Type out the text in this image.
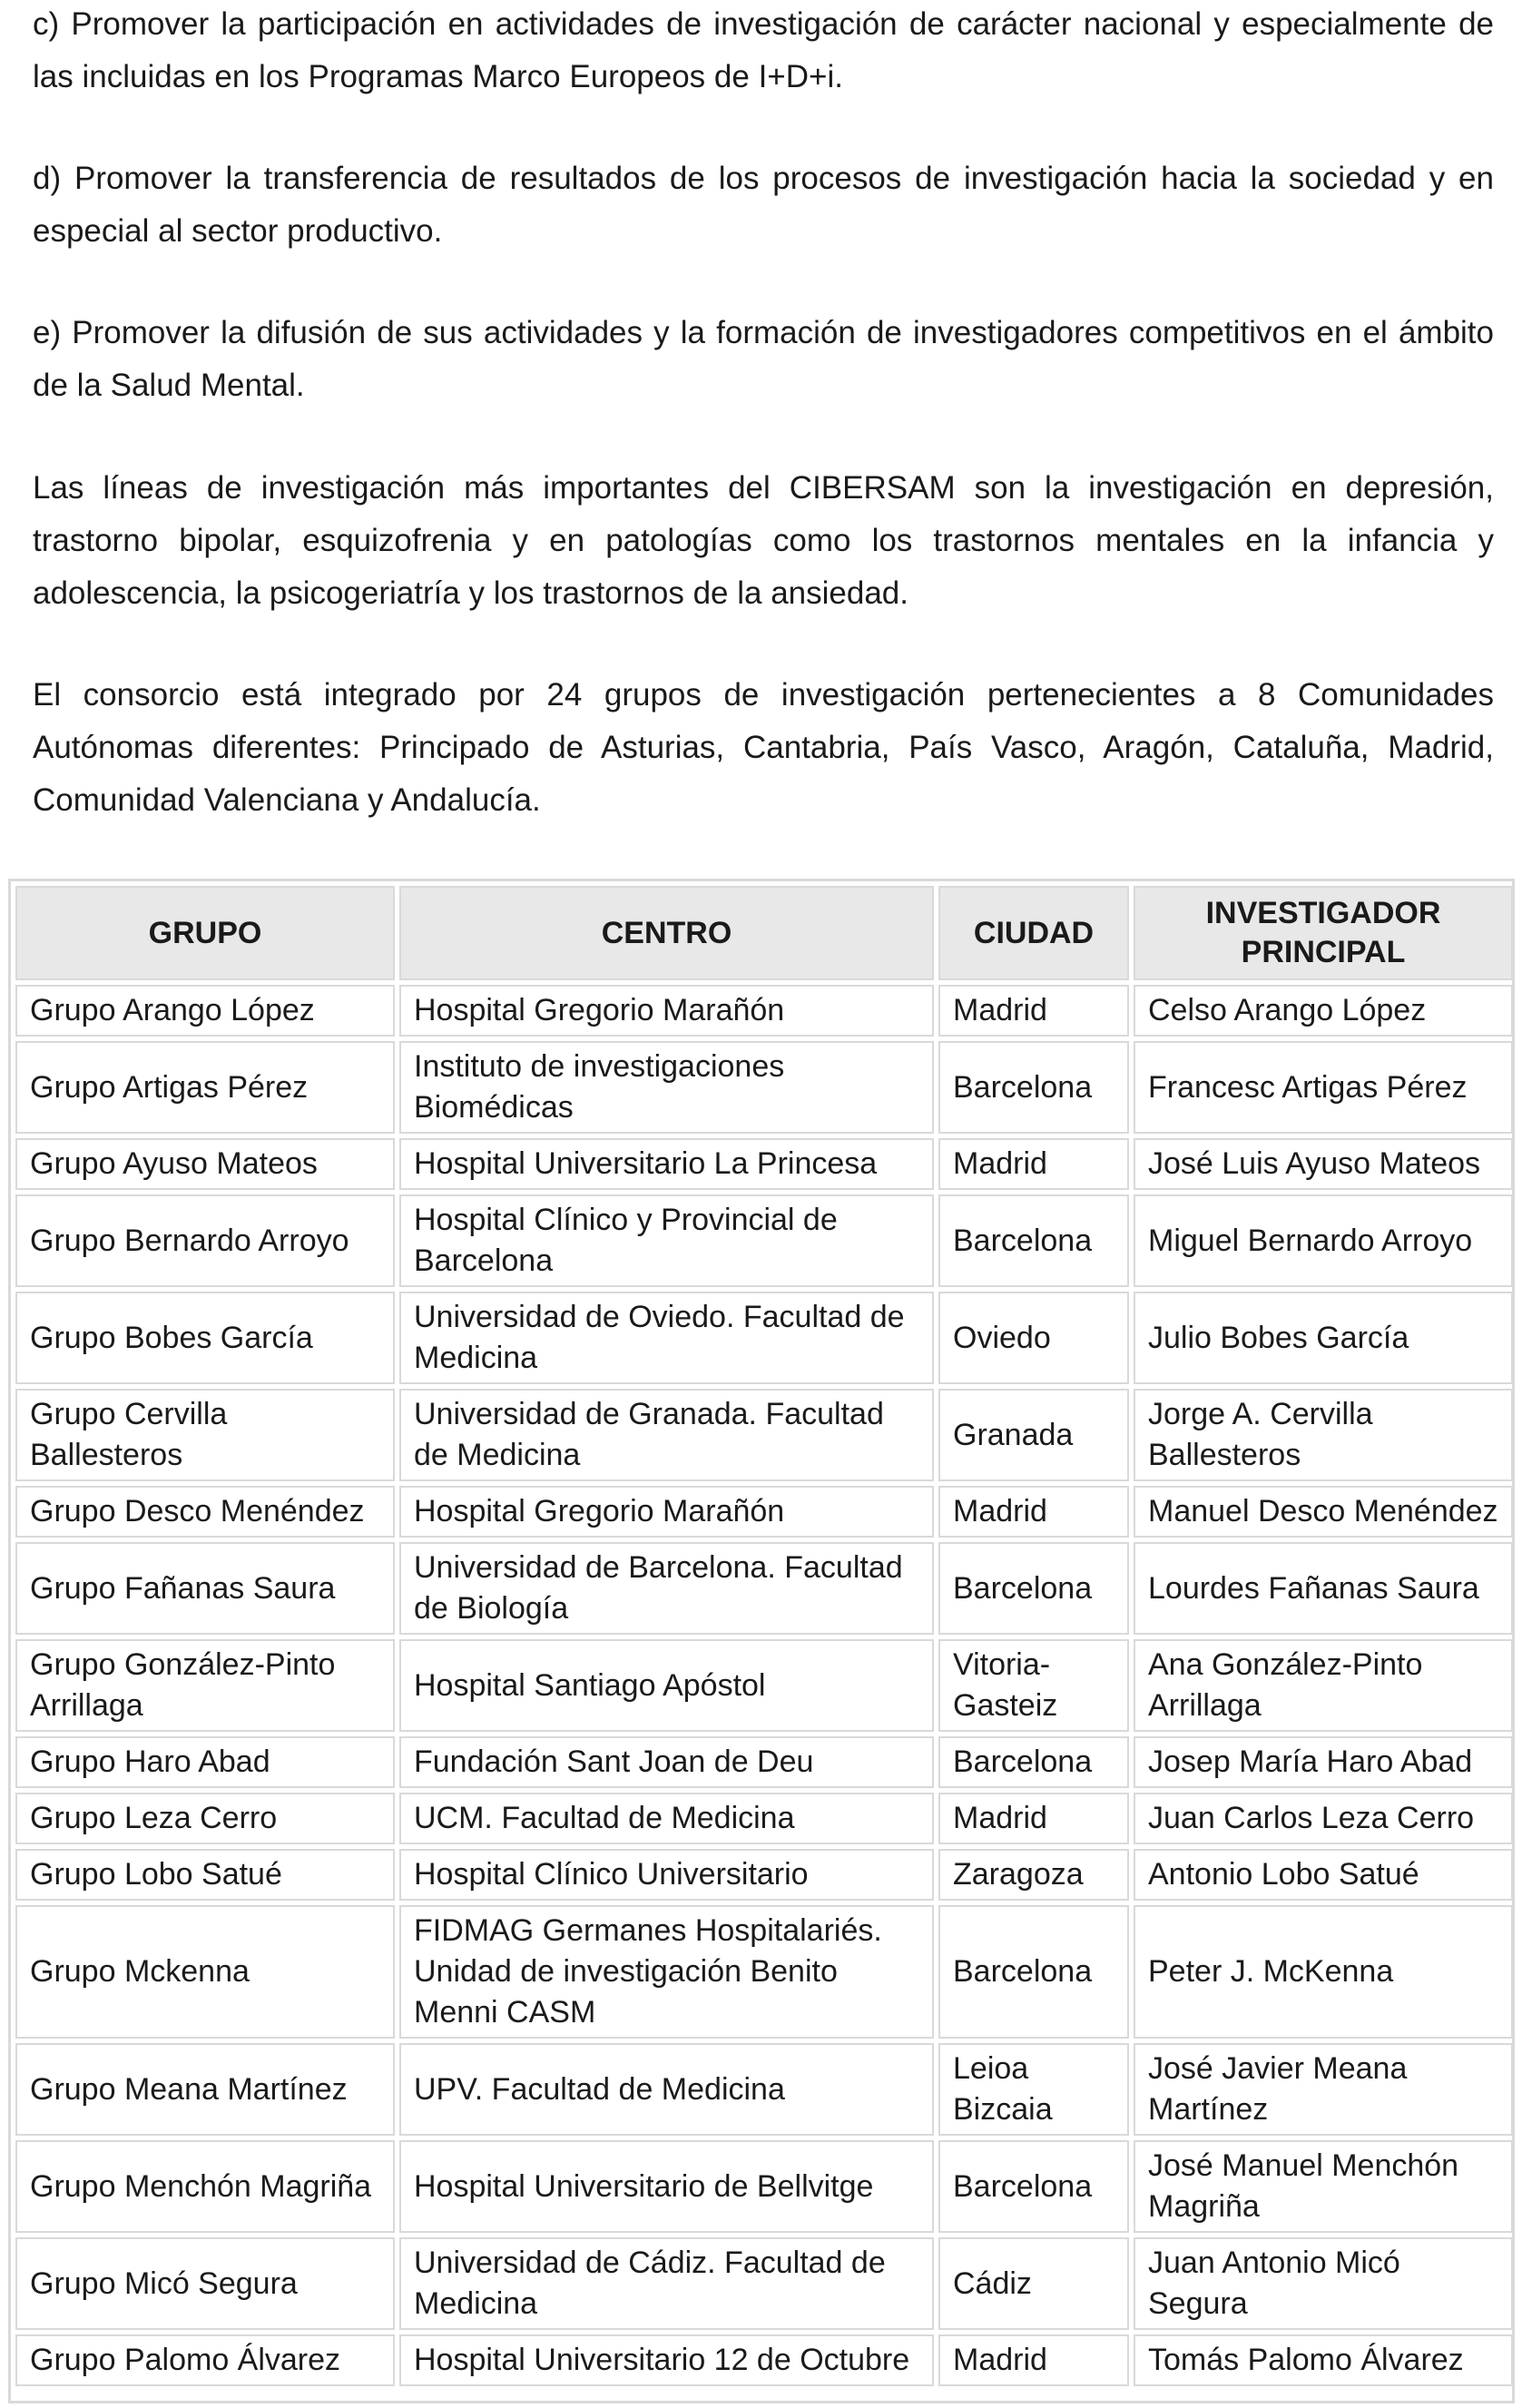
c) Promover la participación en actividades de investigación de carácter nacional y especialmente de las incluidas en los Programas Marco Europeos de I+D+i.

d) Promover la transferencia de resultados de los procesos de investigación hacia la sociedad y en especial al sector productivo.

e) Promover la difusión de sus actividades y la formación de investigadores competitivos en el ámbito de la Salud Mental.

Las líneas de investigación más importantes del CIBERSAM son la investigación en depresión, trastorno bipolar, esquizofrenia y en patologías como los trastornos mentales en la infancia y adolescencia, la psicogeriatría y los trastornos de la ansiedad.

El consorcio está integrado por 24 grupos de investigación pertenecientes a 8 Comunidades Autónomas diferentes: Principado de Asturias, Cantabria, País Vasco, Aragón, Cataluña, Madrid, Comunidad Valenciana y Andalucía.

GRUPO	CENTRO	CIUDAD	INVESTIGADOR PRINCIPAL
Grupo Arango López	Hospital Gregorio Marañón	Madrid	Celso Arango López
Grupo Artigas Pérez	Instituto de investigaciones Biomédicas	Barcelona	Francesc Artigas Pérez
Grupo Ayuso Mateos	Hospital Universitario La Princesa	Madrid	José Luis Ayuso Mateos
Grupo Bernardo Arroyo	Hospital Clínico y Provincial de Barcelona	Barcelona	Miguel Bernardo Arroyo
Grupo Bobes García	Universidad de Oviedo. Facultad de Medicina	Oviedo	Julio Bobes García
Grupo Cervilla Ballesteros	Universidad de Granada. Facultad de Medicina	Granada	Jorge A. Cervilla Ballesteros
Grupo Desco Menéndez	Hospital Gregorio Marañón	Madrid	Manuel Desco Menéndez
Grupo Fañanas Saura	Universidad de Barcelona. Facultad de Biología	Barcelona	Lourdes Fañanas Saura
Grupo González-Pinto Arrillaga	Hospital Santiago Apóstol	Vitoria-Gasteiz	Ana González-Pinto Arrillaga
Grupo Haro Abad	Fundación Sant Joan de Deu	Barcelona	Josep María Haro Abad
Grupo Leza Cerro	UCM. Facultad de Medicina	Madrid	Juan Carlos Leza Cerro
Grupo Lobo Satué	Hospital Clínico Universitario	Zaragoza	Antonio Lobo Satué
Grupo Mckenna	FIDMAG Germanes Hospitalariés. Unidad de investigación Benito Menni CASM	Barcelona	Peter J. McKenna
Grupo Meana Martínez	UPV. Facultad de Medicina	Leioa Bizcaia	José Javier Meana Martínez
Grupo Menchón Magriña	Hospital Universitario de Bellvitge	Barcelona	José Manuel Menchón Magriña
Grupo Micó Segura	Universidad de Cádiz. Facultad de Medicina	Cádiz	Juan Antonio Micó Segura
Grupo Palomo Álvarez	Hospital Universitario 12 de Octubre	Madrid	Tomás Palomo Álvarez
